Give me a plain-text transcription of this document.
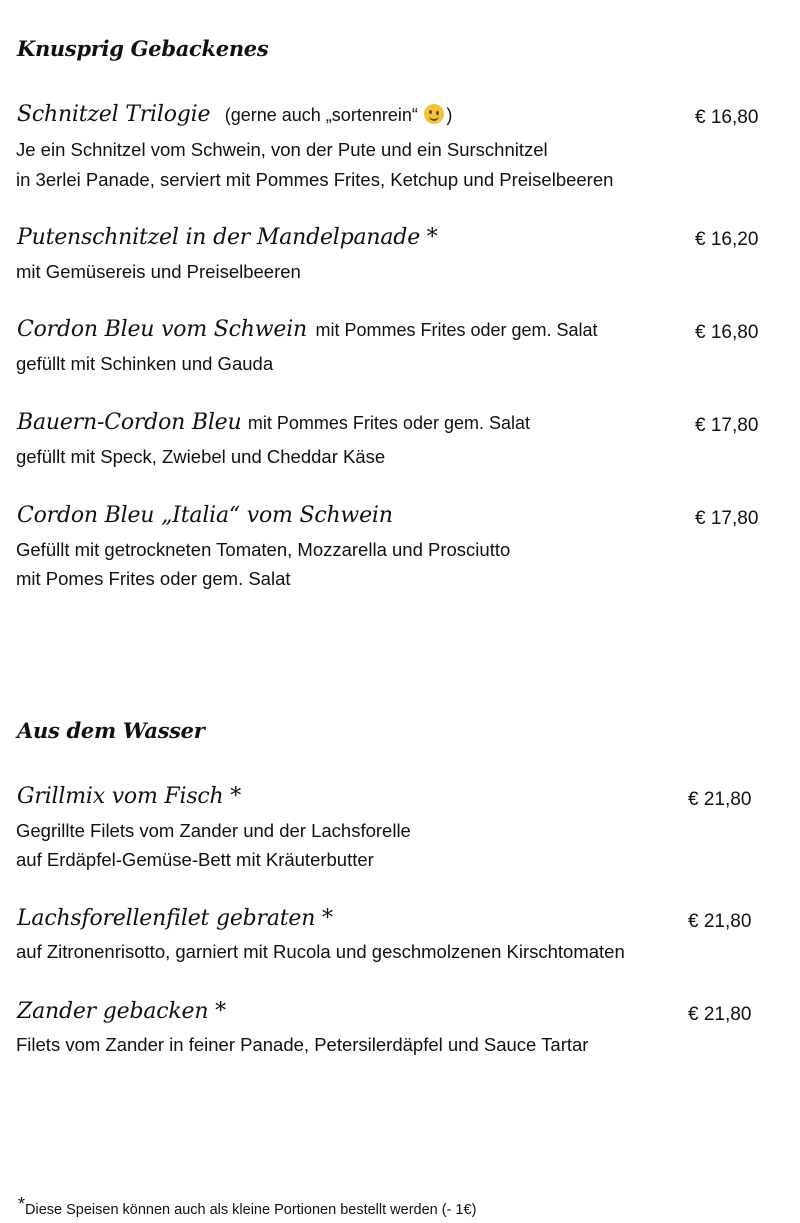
Knusprig Gebackenes
Schnitzel Trilogie (gerne auch „sortenrein“ )	€ 16,80
Je ein Schnitzel vom Schwein, von der Pute und ein Surschnitzel
in 3erlei Panade, serviert mit Pommes Frites, Ketchup und Preiselbeeren
Putenschnitzel in der Mandelpanade *	€ 16,20
mit Gemüsereis und Preiselbeeren
Cordon Bleu vom Schwein mit Pommes Frites oder gem. Salat	€ 16,80
gefüllt mit Schinken und Gauda
Bauern-Cordon Bleu mit Pommes Frites oder gem. Salat	€ 17,80
gefüllt mit Speck, Zwiebel und Cheddar Käse
Cordon Bleu „Italia“ vom Schwein	€ 17,80
Gefüllt mit getrockneten Tomaten, Mozzarella und Prosciutto
mit Pomes Frites oder gem. Salat
Aus dem Wasser
Grillmix vom Fisch *	€ 21,80
Gegrillte Filets vom Zander und der Lachsforelle
auf Erdäpfel-Gemüse-Bett mit Kräuterbutter
Lachsforellenfilet gebraten *	€ 21,80
auf Zitronenrisotto, garniert mit Rucola und geschmolzenen Kirschtomaten
Zander gebacken *	€ 21,80
Filets vom Zander in feiner Panade, Petersilerdäpfel und Sauce Tartar
*Diese Speisen können auch als kleine Portionen bestellt werden (- 1€)
